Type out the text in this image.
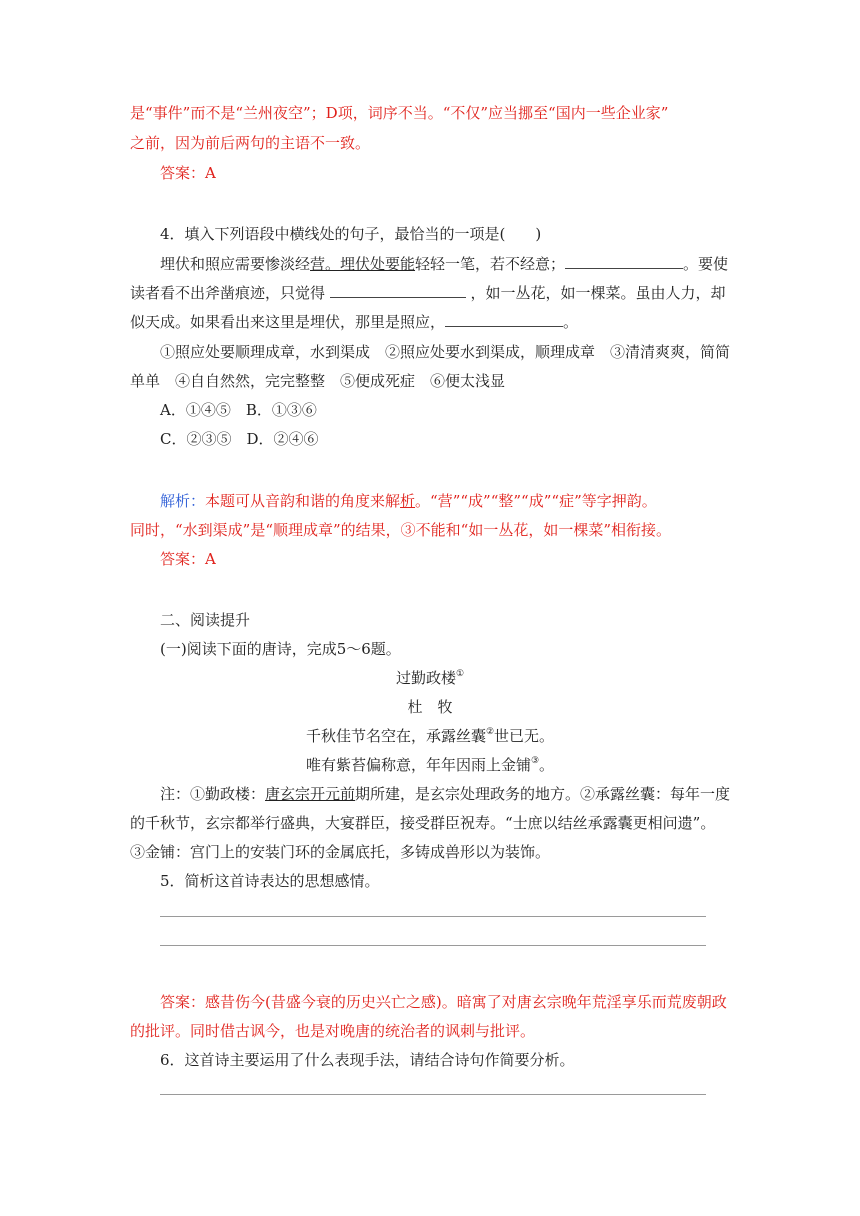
是“事件”而不是“兰州夜空”；D项，词序不当。“不仅”应当挪至“国内一些企业家”
之前，因为前后两句的主语不一致。
答案：A
4．填入下列语段中横线处的句子，最恰当的一项是(　　)
埋伏和照应需要惨淡经营。埋伏处要能轻轻一笔，若不经意；	。要使
读者看不出斧凿痕迹，只觉得	，如一丛花，如一棵菜。虽由人力，却
似天成。如果看出来这里是埋伏，那里是照应，	。
①照应处要顺理成章，水到渠成　②照应处要水到渠成，顺理成章　③清清爽爽，简简
单单　④自自然然，完完整整　⑤便成死症　⑥便太浅显
A．①④⑤　B．①③⑥
C．②③⑤　D．②④⑥
解析：本题可从音韵和谐的角度来解析。“营”“成”“整”“成”“症”等字押韵。
同时，“水到渠成”是“顺理成章”的结果，③不能和“如一丛花，如一棵菜”相衔接。
答案：A
二、阅读提升
(一)阅读下面的唐诗，完成5～6题。
过勤政楼①
杜　牧
千秋佳节名空在，承露丝囊②世已无。
唯有紫苔偏称意，年年因雨上金铺③。
注：①勤政楼：唐玄宗开元前期所建，是玄宗处理政务的地方。②承露丝囊：每年一度
的千秋节，玄宗都举行盛典，大宴群臣，接受群臣祝寿。“士庶以结丝承露囊更相问遗”。
③金铺：宫门上的安装门环的金属底托，多铸成兽形以为装饰。
5．简析这首诗表达的思想感情。
答案：感昔伤今(昔盛今衰的历史兴亡之感)。暗寓了对唐玄宗晚年荒淫享乐而荒废朝政
的批评。同时借古讽今，也是对晚唐的统治者的讽刺与批评。
6．这首诗主要运用了什么表现手法，请结合诗句作简要分析。
